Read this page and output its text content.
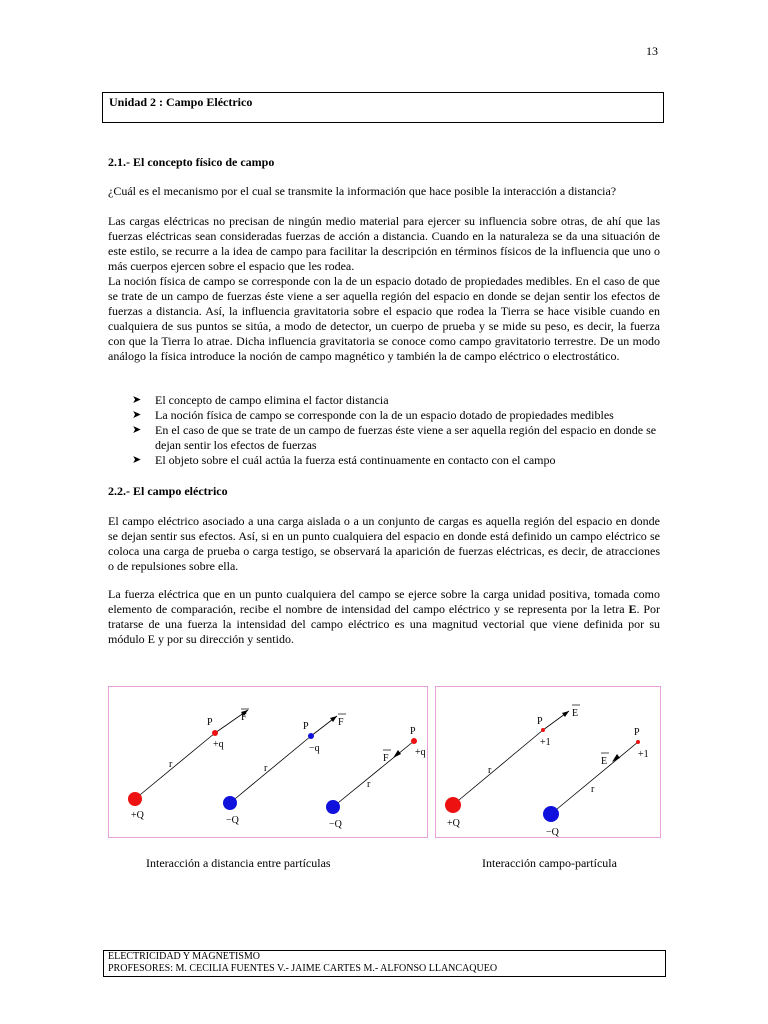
13
Unidad 2 : Campo Eléctrico
2.1.- El concepto físico de campo
¿Cuál es el mecanismo por el cual se transmite la información que hace posible la interacción a distancia?
Las cargas eléctricas no precisan de ningún medio material para ejercer su influencia sobre otras, de ahí que las fuerzas eléctricas sean consideradas fuerzas de acción a distancia. Cuando en la naturaleza se da una situación de este estilo, se recurre a la idea de campo para facilitar la descripción en términos físicos de la influencia que uno o más cuerpos ejercen sobre el espacio que les rodea.
La noción física de campo se corresponde con la de un espacio dotado de propiedades medibles. En el caso de que se trate de un campo de fuerzas éste viene a ser aquella región del espacio en donde se dejan sentir los efectos de fuerzas a distancia. Así, la influencia gravitatoria sobre el espacio que rodea la Tierra se hace visible cuando en cualquiera de sus puntos se sitúa, a modo de detector, un cuerpo de prueba y se mide su peso, es decir, la fuerza con que la Tierra lo atrae. Dicha influencia gravitatoria se conoce como campo gravitatorio terrestre. De un modo análogo la física introduce la noción de campo magnético y también la de campo eléctrico o electrostático.
➤ El concepto de campo elimina el factor distancia
➤ La noción física de campo se corresponde con la de un espacio dotado de propiedades medibles
➤ En el caso de que se trate de un campo de fuerzas éste viene a ser aquella región del espacio en donde se dejan sentir los efectos de fuerzas
➤ El objeto sobre el cuál actúa la fuerza está continuamente en contacto con el campo
2.2.- El campo eléctrico
El campo eléctrico asociado a una carga aislada o a un conjunto de cargas es aquella región del espacio en donde se dejan sentir sus efectos. Así, si en un punto cualquiera del espacio en donde está definido un campo eléctrico se coloca una carga de prueba o carga testigo, se observará la aparición de fuerzas eléctricas, es decir, de atracciones o de repulsiones sobre ella.
La fuerza eléctrica que en un punto cualquiera del campo se ejerce sobre la carga unidad positiva, tomada como elemento de comparación, recibe el nombre de intensidad del campo eléctrico y se representa por la letra E. Por tratarse de una fuerza la intensidad del campo eléctrico es una magnitud vectorial que viene definida por su módulo E y por su dirección y sentido.
P
+q
F
r
+Q
P
−q
F
r
−Q
P
+q
F
r
−Q
P
+1
E
r
+Q
P
+1
E
r
−Q
Interacción a distancia entre partículas	Interacción campo-partícula
ELECTRICIDAD Y MAGNETISMO
PROFESORES: M. CECILIA FUENTES V.- JAIME CARTES M.- ALFONSO LLANCAQUEO
